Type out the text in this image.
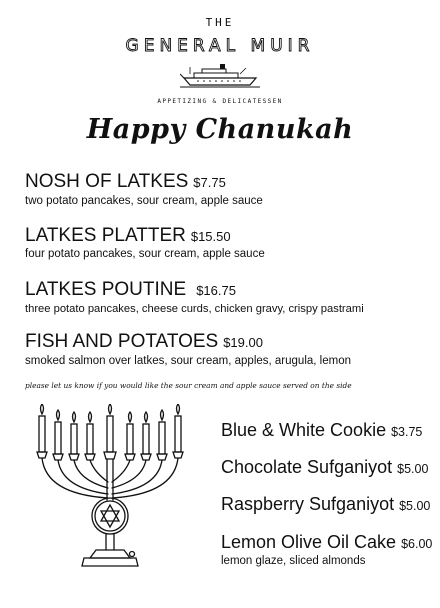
THE
GENERAL MUIR
APPETIZING & DELICATESSEN
Happy Chanukah
NOSH OF LATKES $7.75
two potato pancakes, sour cream, apple sauce
LATKES PLATTER $15.50
four potato pancakes, sour cream, apple sauce
LATKES POUTINE $16.75
three potato pancakes, cheese curds, chicken gravy, crispy pastrami
FISH AND POTATOES $19.00
smoked salmon over latkes, sour cream, apples, arugula, lemon
please let us know if you would like the sour cream and apple sauce served on the side
Blue & White Cookie $3.75
Chocolate Sufganiyot $5.00
Raspberry Sufganiyot $5.00
Lemon Olive Oil Cake $6.00
lemon glaze, sliced almonds
